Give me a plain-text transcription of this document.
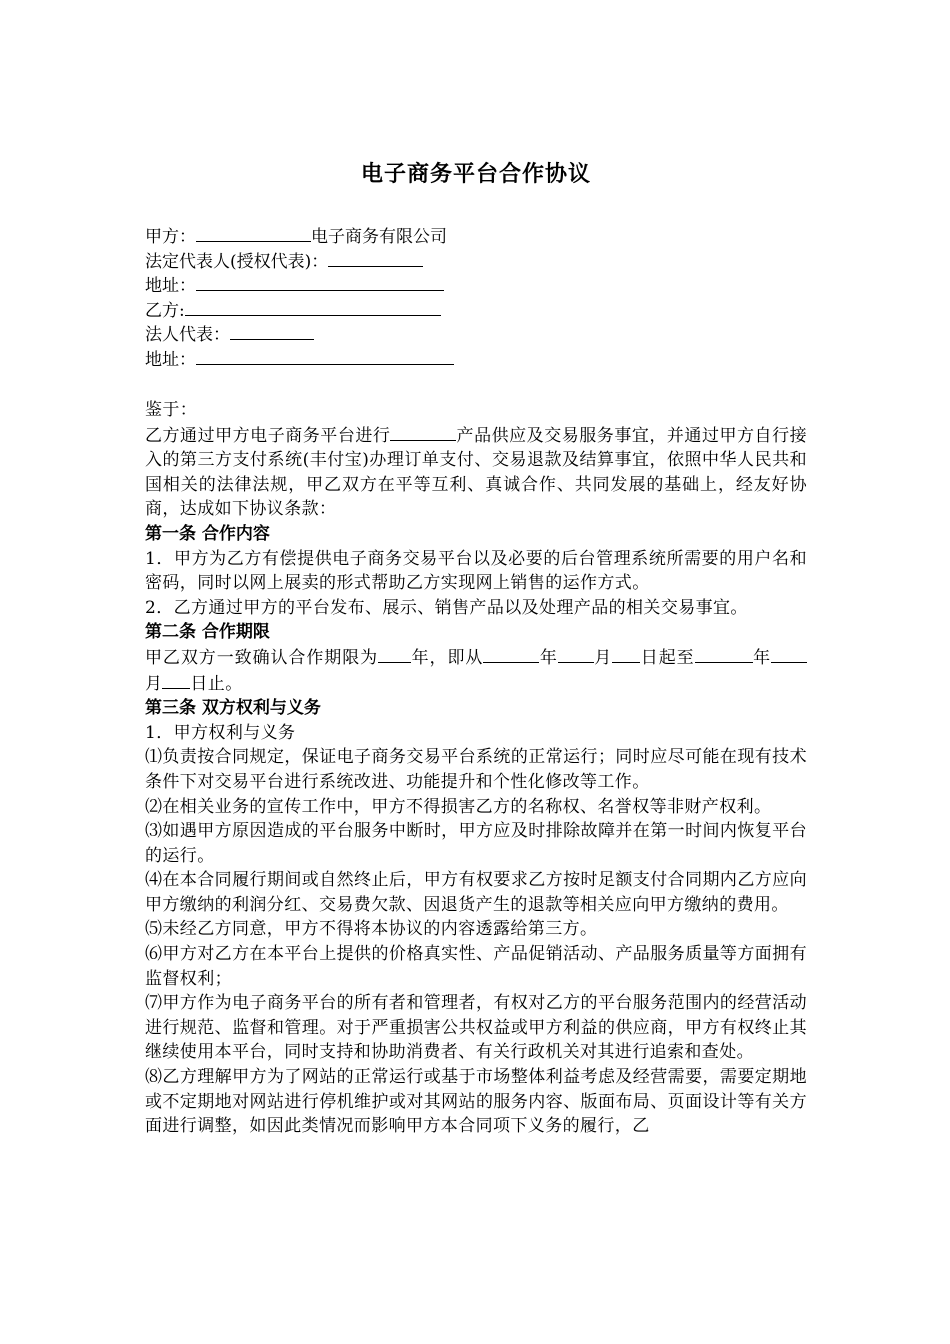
电子商务平台合作协议
甲方：	电子商务有限公司
法定代表人(授权代表)：
地址：
乙方:
法人代表：
地址：

鉴于：

乙方通过甲方电子商务平台进行	产品供应及交易服务事宜，并通过甲方自行接入的第三方支付系统(丰付宝)办理订单支付、交易退款及结算事宜，依照中华人民共和国相关的法律法规，甲乙双方在平等互利、真诚合作、共同发展的基础上，经友好协商，达成如下协议条款：

第一条 合作内容

1．甲方为乙方有偿提供电子商务交易平台以及必要的后台管理系统所需要的用户名和密码，同时以网上展卖的形式帮助乙方实现网上销售的运作方式。

2．乙方通过甲方的平台发布、展示、销售产品以及处理产品的相关交易事宜。

第二条 合作期限

甲乙双方一致确认合作期限为 年，即从	年 月 日起至	年月 日止。

第三条 双方权利与义务

1．甲方权利与义务

⑴负责按合同规定，保证电子商务交易平台系统的正常运行；同时应尽可能在现有技术条件下对交易平台进行系统改进、功能提升和个性化修改等工作。

⑵在相关业务的宣传工作中，甲方不得损害乙方的名称权、名誉权等非财产权利。

⑶如遇甲方原因造成的平台服务中断时，甲方应及时排除故障并在第一时间内恢复平台的运行。

⑷在本合同履行期间或自然终止后，甲方有权要求乙方按时足额支付合同期内乙方应向甲方缴纳的利润分红、交易费欠款、因退货产生的退款等相关应向甲方缴纳的费用。

⑸未经乙方同意，甲方不得将本协议的内容透露给第三方。

⑹甲方对乙方在本平台上提供的价格真实性、产品促销活动、产品服务质量等方面拥有监督权利；

⑺甲方作为电子商务平台的所有者和管理者，有权对乙方的平台服务范围内的经营活动进行规范、监督和管理。对于严重损害公共权益或甲方利益的供应商，甲方有权终止其继续使用本平台，同时支持和协助消费者、有关行政机关对其进行追索和查处。

⑻乙方理解甲方为了网站的正常运行或基于市场整体利益考虑及经营需要，需要定期地或不定期地对网站进行停机维护或对其网站的服务内容、版面布局、页面设计等有关方面进行调整，如因此类情况而影响甲方本合同项下义务的履行，乙
